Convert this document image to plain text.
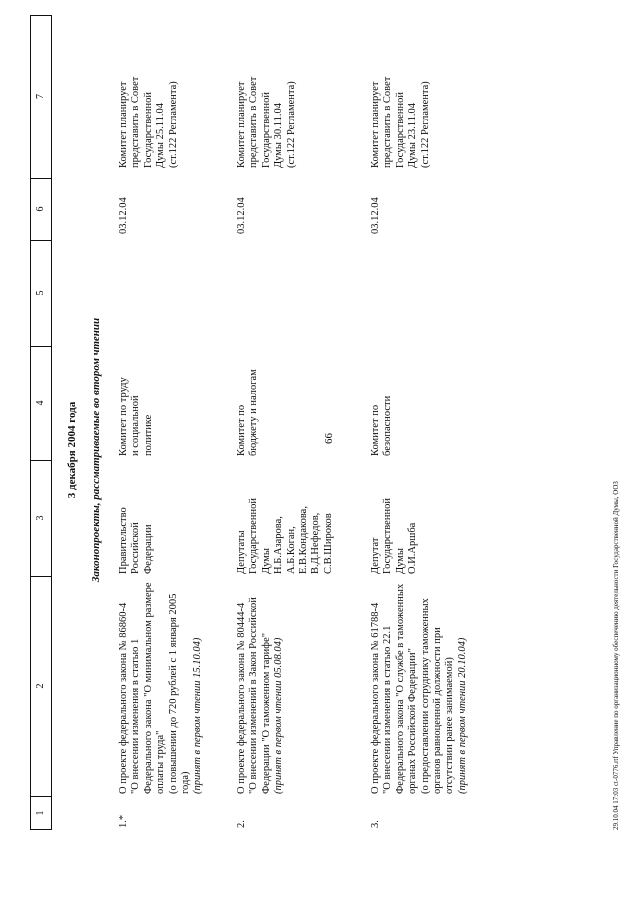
66
1
2
3
4
5
6
7
3 декабря 2004 года Законопроекты, рассматриваемые во втором чтении
1.*
О проекте федерального закона № 86860-4 "О внесении изменения в статью 1 Федерального закона "О минимальном размере оплаты труда" (о повышении до 720 рублей с 1 января 2005 года) (принят в первом чтении 15.10.04)
Правительство Российской Федерации
Комитет по труду и социальной политике
03.12.04
Комитет планирует представить в Совет Государственной Думы 25.11.04 (ст.122 Регламента)
2.
О проекте федерального закона № 80444-4 "О внесении изменений в Закон Российской Федерации "О таможенном тарифе" (принят в первом чтении 05.08.04)
Депутаты Государственной Думы Н.Б.Азарова, А.Б.Коган, Е.В.Кондакова, В.Д.Нефедов, С.В.Широков
Комитет по бюджету и налогам
03.12.04
Комитет планирует представить в Совет Государственной Думы 30.11.04 (ст.122 Регламента)
3.
О проекте федерального закона № 61788-4 "О внесении изменения в статью 22.1 Федерального закона "О службе в таможенных органах Российской Федерации" (о предоставлении сотруднику таможенных органов равноценной должности при отсутствии ранее занимаемой) (принят в первом чтении 20.10.04)
Депутат Государственной Думы О.И.Аршба
Комитет по безопасности
03.12.04
Комитет планирует представить в Совет Государственной Думы 23.11.04 (ст.122 Регламента)
29.10.04 17:03 ct-0776.rtf Управление по организационному обеспечению деятельности Государственной Думы, ООЗ
